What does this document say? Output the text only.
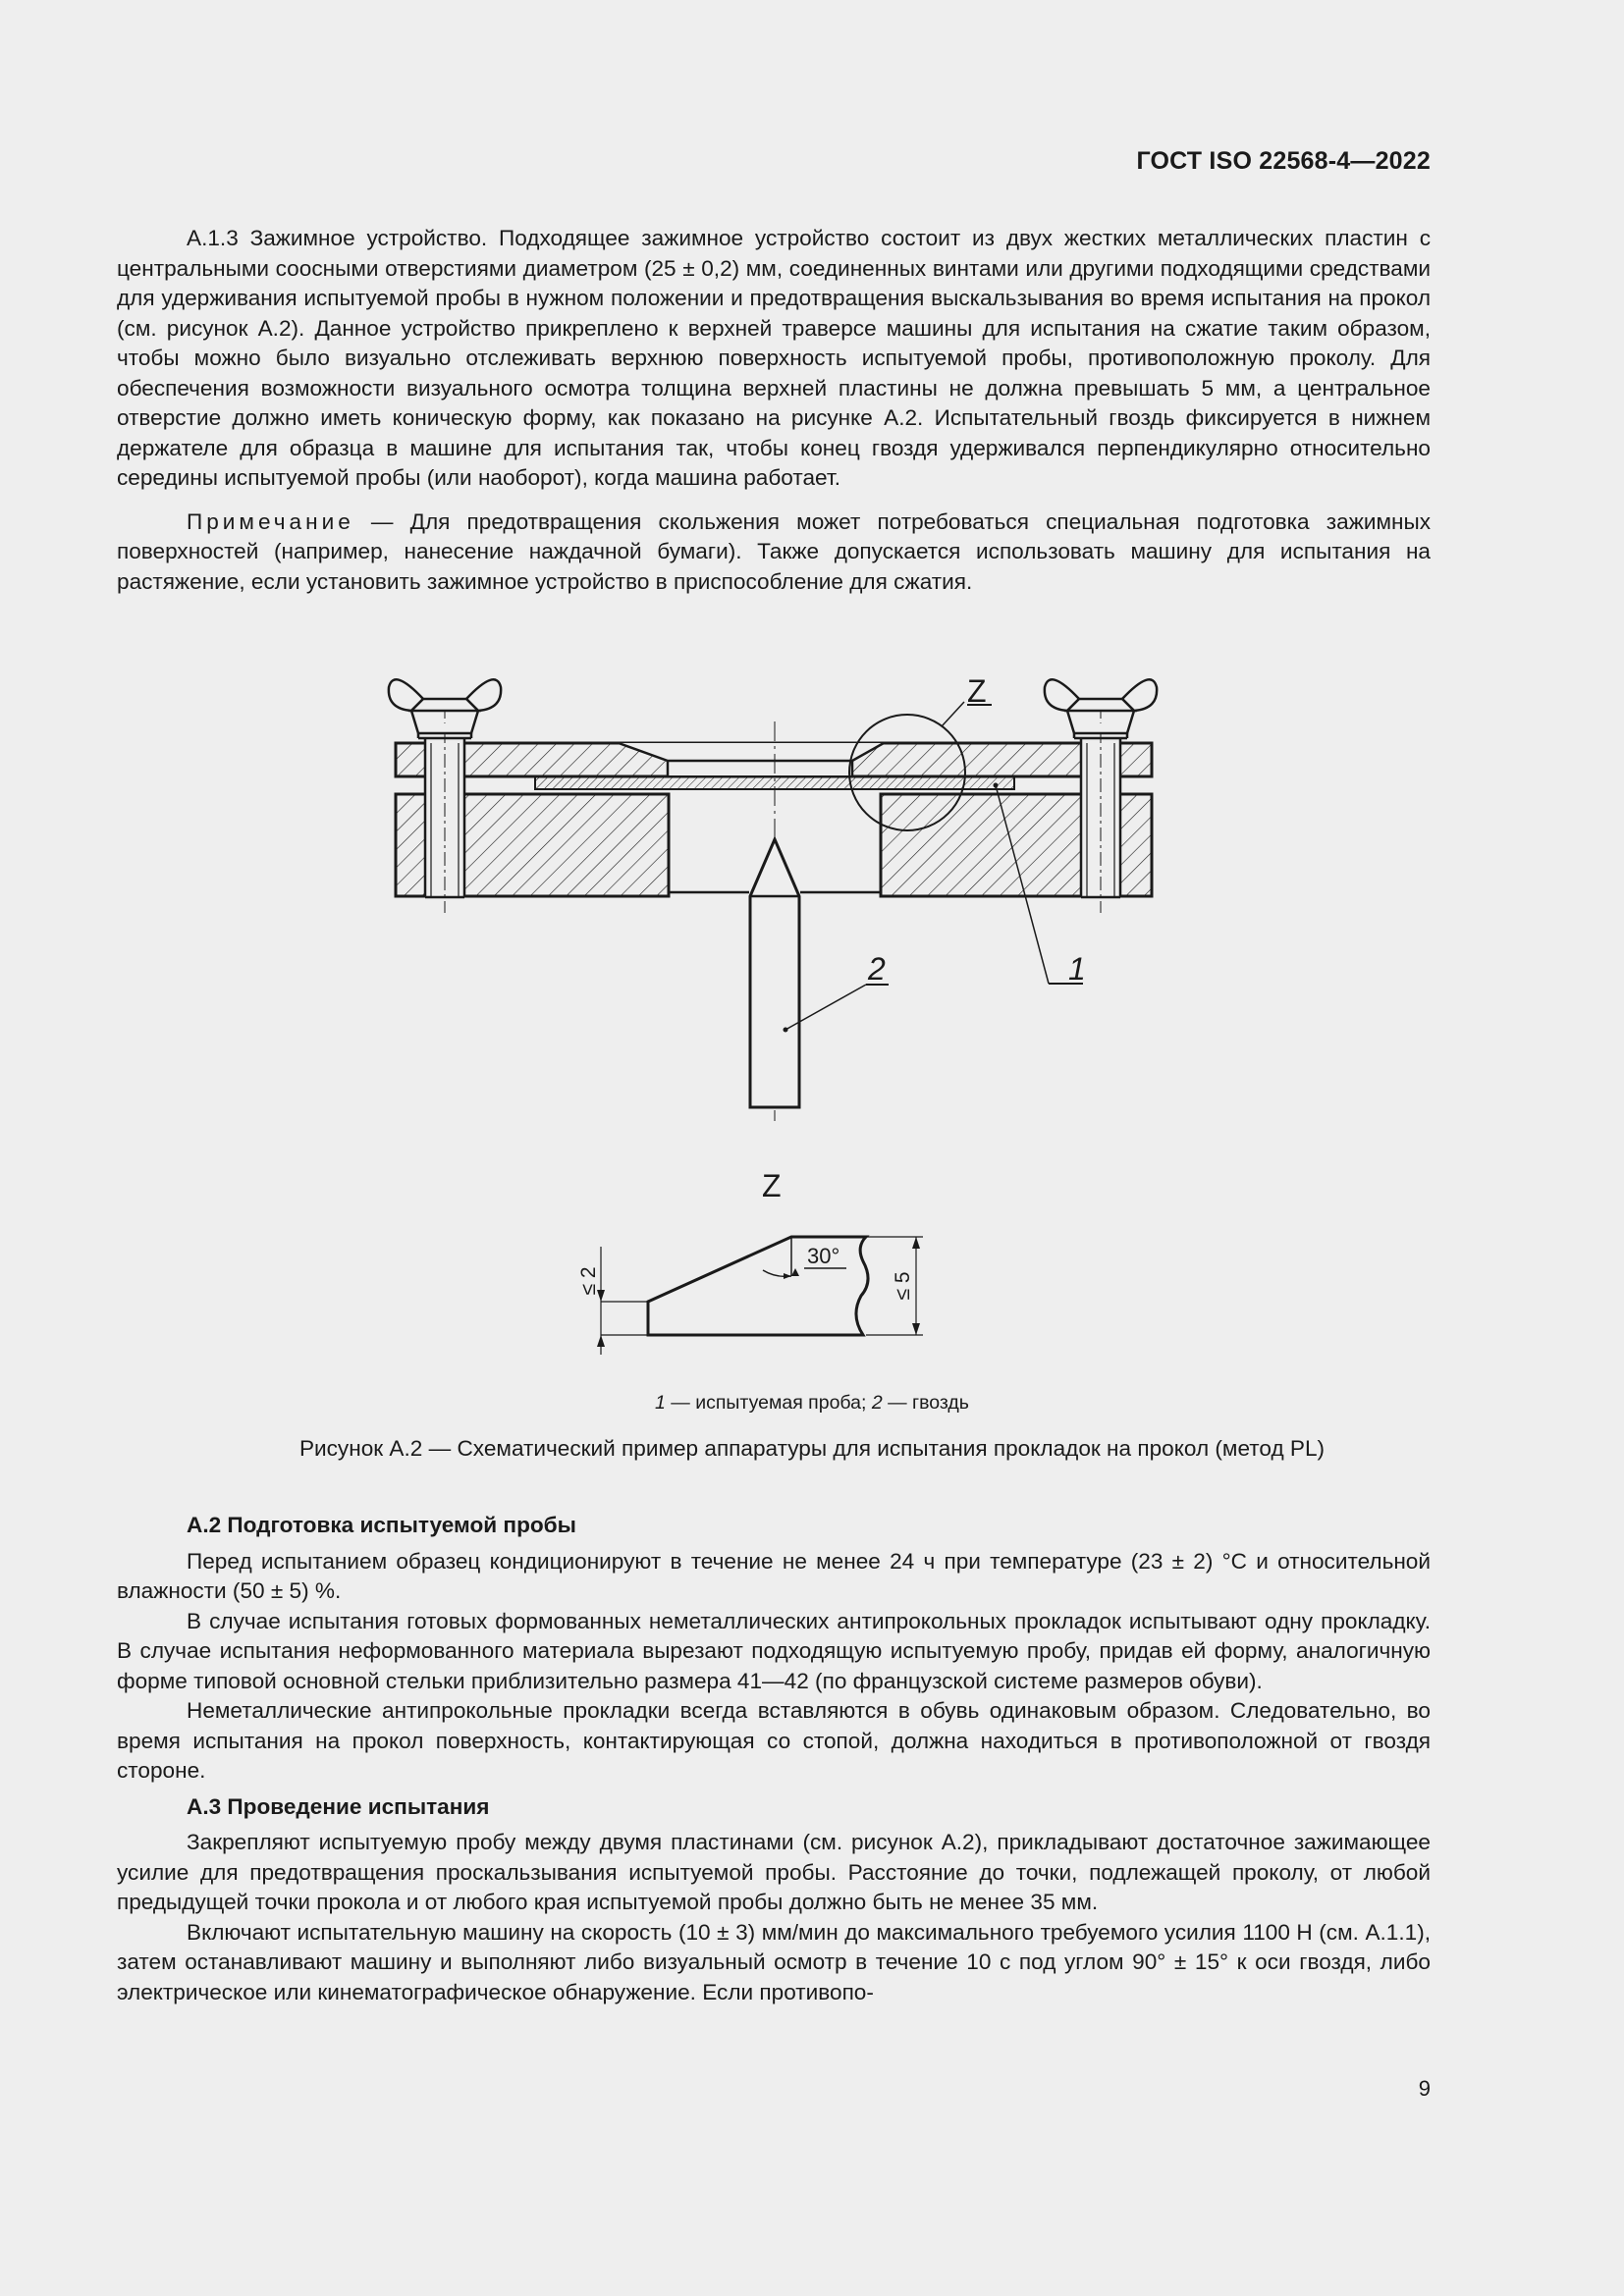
ГОСТ ISO 22568-4—2022

А.1.3 Зажимное устройство. Подходящее зажимное устройство состоит из двух жестких металлических пластин с центральными соосными отверстиями диаметром (25 ± 0,2) мм, соединенных винтами или другими подходящими средствами для удерживания испытуемой пробы в нужном положении и предотвращения выскальзывания во время испытания на прокол (см. рисунок А.2). Данное устройство прикреплено к верхней траверсе машины для испытания на сжатие таким образом, чтобы можно было визуально отслеживать верхнюю поверхность испытуемой пробы, противоположную проколу. Для обеспечения возможности визуального осмотра толщина верхней пластины не должна превышать 5 мм, а центральное отверстие должно иметь коническую форму, как показано на рисунке А.2. Испытательный гвоздь фиксируется в нижнем держателе для образца в машине для испытания так, чтобы конец гвоздя удерживался перпендикулярно относительно середины испытуемой пробы (или наоборот), когда машина работает.

Примечание — Для предотвращения скольжения может потребоваться специальная подготовка зажимных поверхностей (например, нанесение наждачной бумаги). Также допускается использовать машину для испытания на растяжение, если установить зажимное устройство в приспособление для сжатия.

Z
1
2
Z
30°
≤ 2	≤ 5
1 — испытуемая проба; 2 — гвоздь
Рисунок А.2 — Схематический пример аппаратуры для испытания прокладок на прокол (метод PL)

А.2 Подготовка испытуемой пробы

Перед испытанием образец кондиционируют в течение не менее 24 ч при температуре (23 ± 2) °С и относительной влажности (50 ± 5) %.

В случае испытания готовых формованных неметаллических антипрокольных прокладок испытывают одну прокладку. В случае испытания неформованного материала вырезают подходящую испытуемую пробу, придав ей форму, аналогичную форме типовой основной стельки приблизительно размера 41—42 (по французской системе размеров обуви).

Неметаллические антипрокольные прокладки всегда вставляются в обувь одинаковым образом. Следовательно, во время испытания на прокол поверхность, контактирующая со стопой, должна находиться в противоположной от гвоздя стороне.

А.3 Проведение испытания

Закрепляют испытуемую пробу между двумя пластинами (см. рисунок А.2), прикладывают достаточное зажимающее усилие для предотвращения проскальзывания испытуемой пробы. Расстояние до точки, подлежащей проколу, от любой предыдущей точки прокола и от любого края испытуемой пробы должно быть не менее 35 мм.

Включают испытательную машину на скорость (10 ± 3) мм/мин до максимального требуемого усилия 1100 Н (см. А.1.1), затем останавливают машину и выполняют либо визуальный осмотр в течение 10 с под углом 90° ± 15° к оси гвоздя, либо электрическое или кинематографическое обнаружение. Если противопо-

9
